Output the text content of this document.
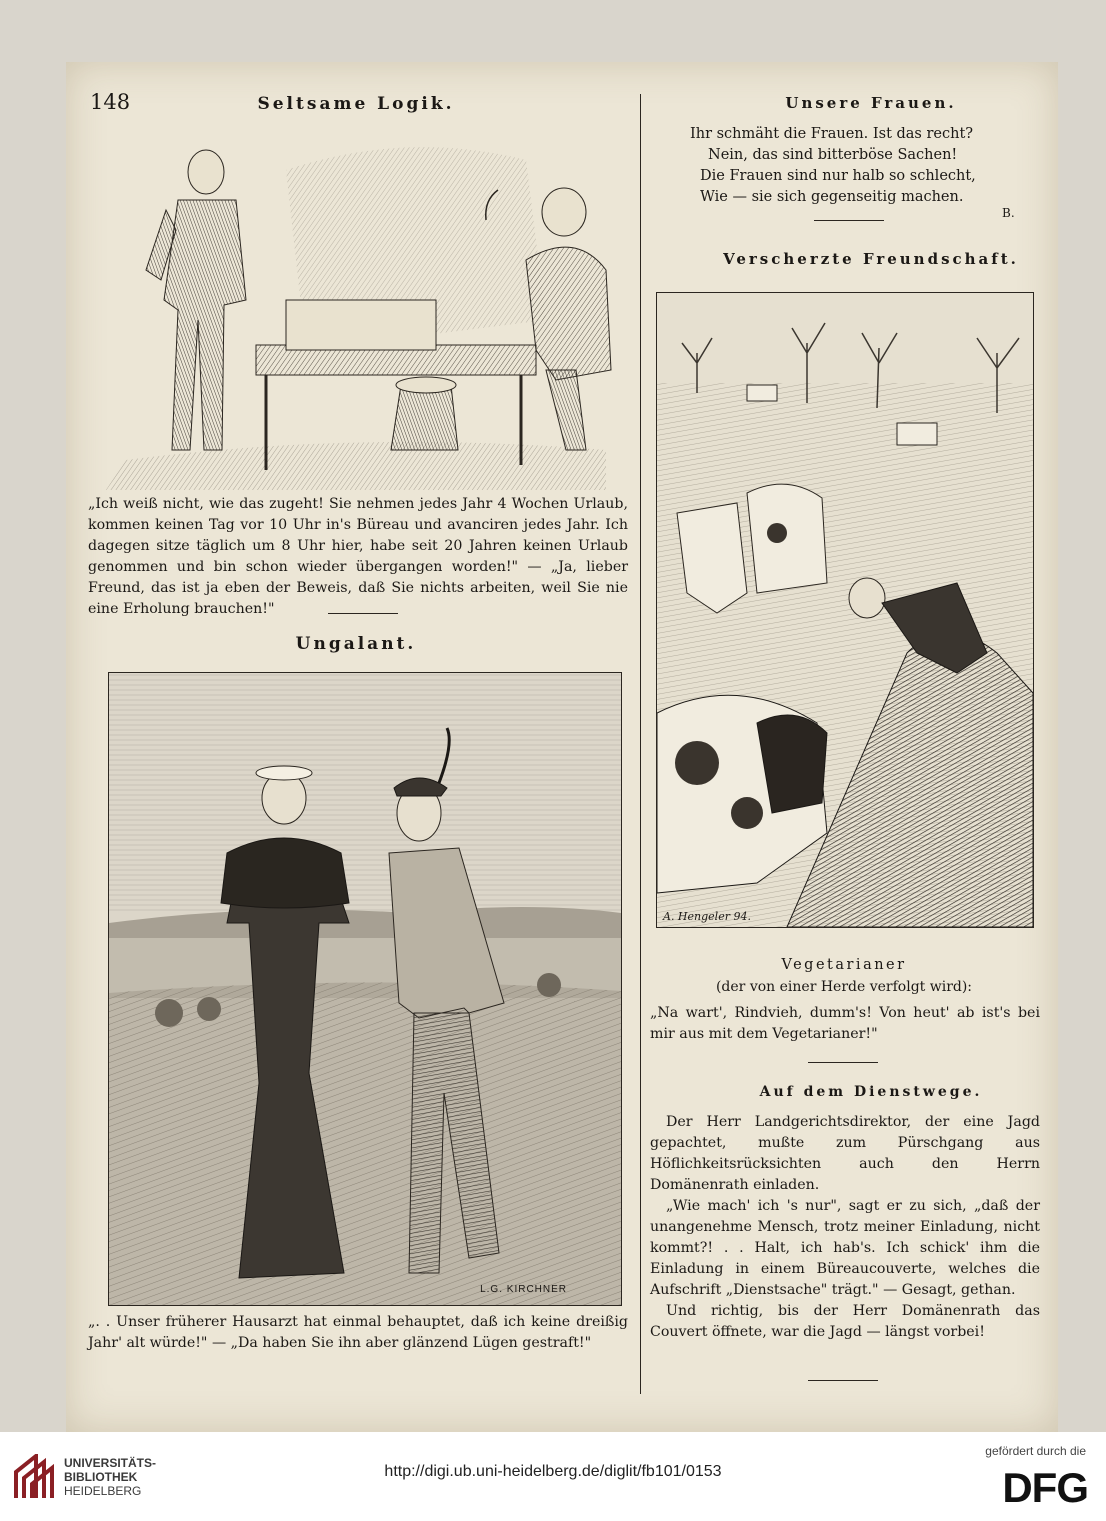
148	Seltsame Logik.
„Ich weiß nicht, wie das zugeht! Sie nehmen jedes Jahr 4 Wochen Urlaub, kommen keinen Tag vor 10 Uhr in's Büreau und avanciren jedes Jahr. Ich dagegen sitze täglich um 8 Uhr hier, habe seit 20 Jahren keinen Urlaub genommen und bin schon wieder übergangen worden!" — „Ja, lieber Freund, das ist ja eben der Beweis, daß Sie nichts arbeiten, weil Sie nie eine Erholung brauchen!"
Ungalant.
L.G. KIRCHNER
„. . Unser früherer Hausarzt hat einmal behauptet, daß ich keine dreißig Jahr' alt würde!" — „Da haben Sie ihn aber glänzend Lügen gestraft!"
Unsere Frauen.
Ihr schmäht die Frauen. Ist das recht?
Nein, das sind bitterböse Sachen!
Die Frauen sind nur halb so schlecht,
Wie — sie sich gegenseitig machen.
B.
Verscherzte Freundschaft.
A. Hengeler 94.
Vegetarianer
(der von einer Herde verfolgt wird):
„Na wart', Rindvieh, dumm's! Von heut' ab ist's bei mir aus mit dem Vegetarianer!"
Auf dem Dienstwege.

Der Herr Landgerichtsdirektor, der eine Jagd gepachtet, mußte zum Pürschgang aus Höflichkeitsrücksichten auch den Herrn Domänenrath einladen.

„Wie mach' ich 's nur", sagt er zu sich, „daß der unangenehme Mensch, trotz meiner Einladung, nicht kommt?! . . Halt, ich hab's. Ich schick' ihm die Einladung in einem Büreaucouverte, welches die Aufschrift „Dienstsache" trägt." — Gesagt, gethan.

Und richtig, bis der Herr Domänenrath das Couvert öffnete, war die Jagd — längst vorbei!

UNIVERSITÄTS-
BIBLIOTHEK
HEIDELBERG
http://digi.ub.uni-heidelberg.de/diglit/fb101/0153
gefördert durch die
DFG
